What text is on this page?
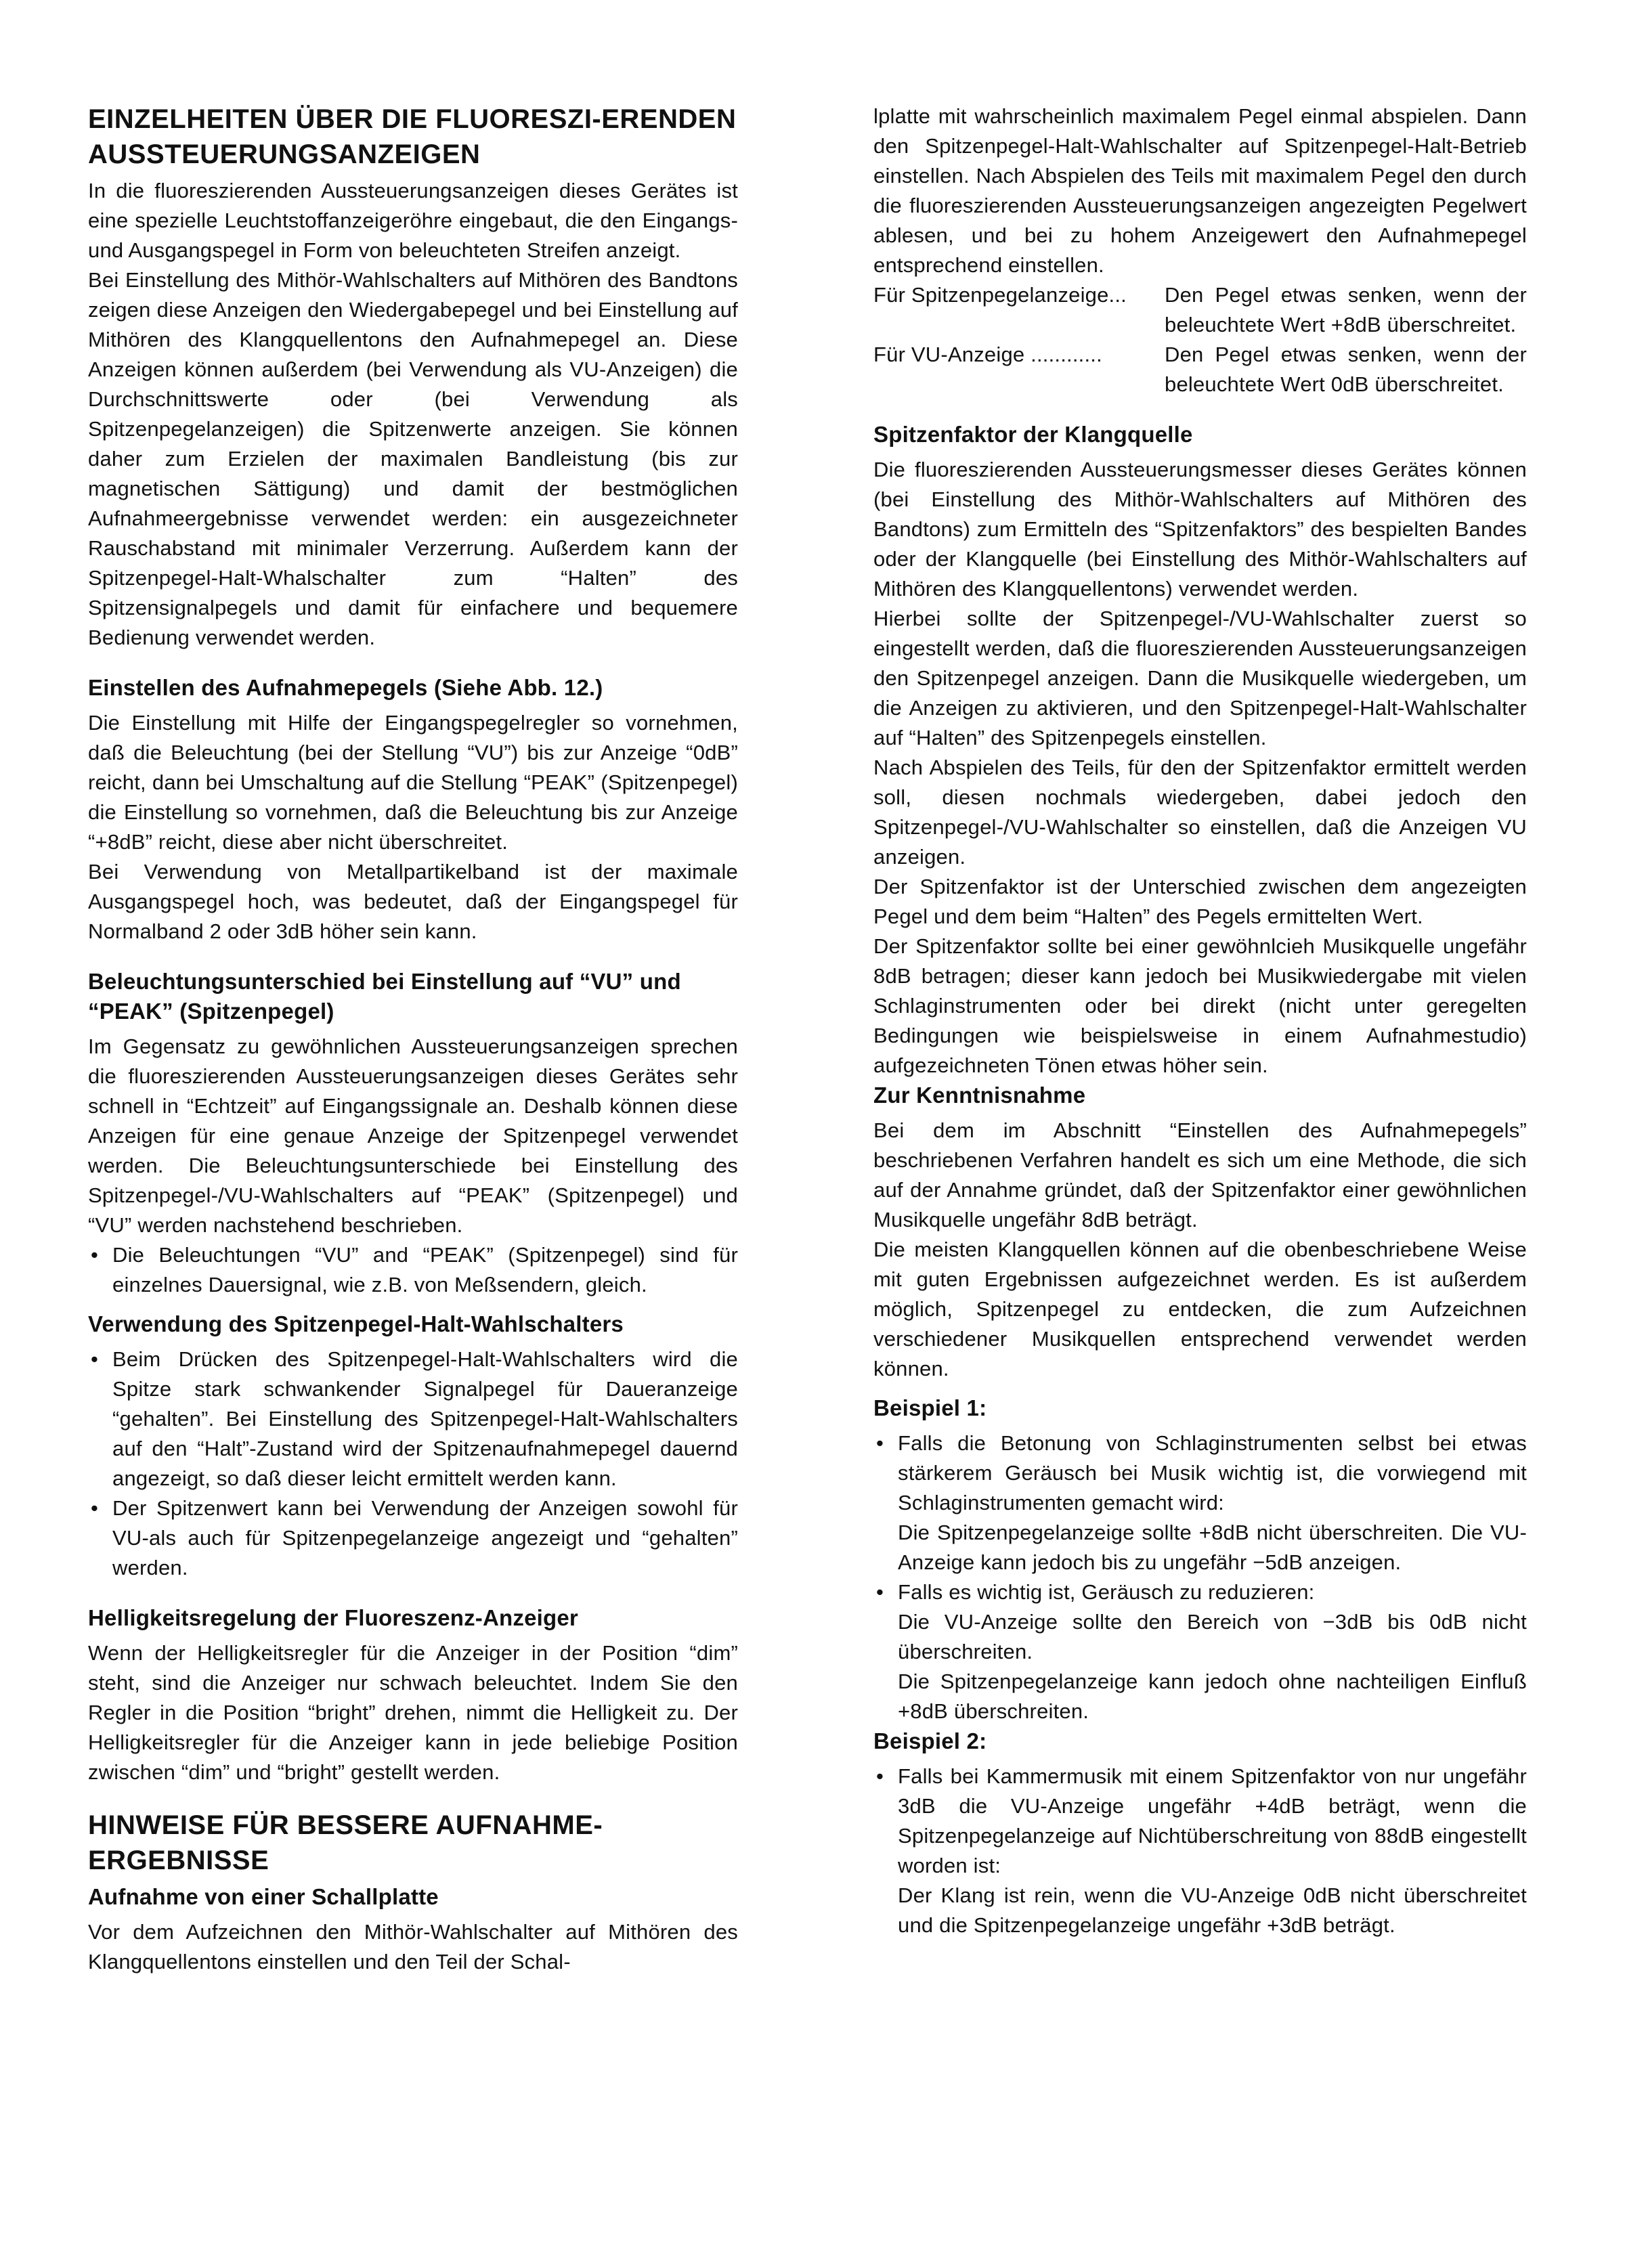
EINZELHEITEN ÜBER DIE FLUORESZI-ERENDEN AUSSTEUERUNGSANZEIGEN

In die fluoreszierenden Aussteuerungsanzeigen dieses Gerätes ist eine spezielle Leuchtstoffanzeigeröhre eingebaut, die den Eingangs- und Ausgangspegel in Form von beleuchteten Streifen anzeigt.

Bei Einstellung des Mithör-Wahlschalters auf Mithören des Bandtons zeigen diese Anzeigen den Wiedergabepegel und bei Einstellung auf Mithören des Klangquellentons den Aufnahmepegel an. Diese Anzeigen können außerdem (bei Verwendung als VU-Anzeigen) die Durchschnittswerte oder (bei Verwendung als Spitzenpegelanzeigen) die Spitzenwerte anzeigen. Sie können daher zum Erzielen der maximalen Bandleistung (bis zur magnetischen Sättigung) und damit der bestmöglichen Aufnahmeergebnisse verwendet werden: ein ausgezeichneter Rauschabstand mit minimaler Verzerrung. Außerdem kann der Spitzenpegel-Halt-Whalschalter zum “Halten” des Spitzensignalpegels und damit für einfachere und bequemere Bedienung verwendet werden.

Einstellen des Aufnahmepegels (Siehe Abb. 12.)

Die Einstellung mit Hilfe der Eingangspegelregler so vornehmen, daß die Beleuchtung (bei der Stellung “VU”) bis zur Anzeige “0dB” reicht, dann bei Umschaltung auf die Stellung “PEAK” (Spitzenpegel) die Einstellung so vornehmen, daß die Beleuchtung bis zur Anzeige “+8dB” reicht, diese aber nicht überschreitet.

Bei Verwendung von Metallpartikelband ist der maximale Ausgangspegel hoch, was bedeutet, daß der Eingangspegel für Normalband 2 oder 3dB höher sein kann.

Beleuchtungsunterschied bei Einstellung auf “VU” und “PEAK” (Spitzenpegel)

Im Gegensatz zu gewöhnlichen Aussteuerungsanzeigen sprechen die fluoreszierenden Aussteuerungsanzeigen dieses Gerätes sehr schnell in “Echtzeit” auf Eingangssignale an. Deshalb können diese Anzeigen für eine genaue Anzeige der Spitzenpegel verwendet werden. Die Beleuchtungsunterschiede bei Einstellung des Spitzenpegel-/VU-Wahlschalters auf “PEAK” (Spitzenpegel) und “VU” werden nachstehend beschrieben.

• Die Beleuchtungen “VU” and “PEAK” (Spitzenpegel) sind für einzelnes Dauersignal, wie z.B. von Meßsendern, gleich.
Verwendung des Spitzenpegel-Halt-Wahlschalters
• Beim Drücken des Spitzenpegel-Halt-Wahlschalters wird die Spitze stark schwankender Signalpegel für Daueranzeige “gehalten”. Bei Einstellung des Spitzenpegel-Halt-Wahlschalters auf den “Halt”-Zustand wird der Spitzenaufnahmepegel dauernd angezeigt, so daß dieser leicht ermittelt werden kann.
• Der Spitzenwert kann bei Verwendung der Anzeigen sowohl für VU-als auch für Spitzenpegelanzeige angezeigt und “gehalten” werden.
Helligkeitsregelung der Fluoreszenz-Anzeiger

Wenn der Helligkeitsregler für die Anzeiger in der Position “dim” steht, sind die Anzeiger nur schwach beleuchtet. Indem Sie den Regler in die Position “bright” drehen, nimmt die Helligkeit zu. Der Helligkeitsregler für die Anzeiger kann in jede beliebige Position zwischen “dim” und “bright” gestellt werden.

HINWEISE FÜR BESSERE AUFNAHME-ERGEBNISSE
Aufnahme von einer Schallplatte

Vor dem Aufzeichnen den Mithör-Wahlschalter auf Mithören des Klangquellentons einstellen und den Teil der Schal-

lplatte mit wahrscheinlich maximalem Pegel einmal abspielen. Dann den Spitzenpegel-Halt-Wahlschalter auf Spitzenpegel-Halt-Betrieb einstellen. Nach Abspielen des Teils mit maximalem Pegel den durch die fluoreszierenden Aussteuerungsanzeigen angezeigten Pegelwert ablesen, und bei zu hohem Anzeigewert den Aufnahmepegel entsprechend einstellen.

Für Spitzenpegelanzeige...	Den Pegel etwas senken, wenn der beleuchtete Wert +8dB überschreitet.
Für VU-Anzeige ............	Den Pegel etwas senken, wenn der beleuchtete Wert 0dB überschreitet.
Spitzenfaktor der Klangquelle

Die fluoreszierenden Aussteuerungsmesser dieses Gerätes können (bei Einstellung des Mithör-Wahlschalters auf Mithören des Bandtons) zum Ermitteln des “Spitzenfaktors” des bespielten Bandes oder der Klangquelle (bei Einstellung des Mithör-Wahlschalters auf Mithören des Klangquellentons) verwendet werden.

Hierbei sollte der Spitzenpegel-/VU-Wahlschalter zuerst so eingestellt werden, daß die fluoreszierenden Aussteuerungsanzeigen den Spitzenpegel anzeigen. Dann die Musikquelle wiedergeben, um die Anzeigen zu aktivieren, und den Spitzenpegel-Halt-Wahlschalter auf “Halten” des Spitzenpegels einstellen.

Nach Abspielen des Teils, für den der Spitzenfaktor ermittelt werden soll, diesen nochmals wiedergeben, dabei jedoch den Spitzenpegel-/VU-Wahlschalter so einstellen, daß die Anzeigen VU anzeigen.

Der Spitzenfaktor ist der Unterschied zwischen dem angezeigten Pegel und dem beim “Halten” des Pegels ermittelten Wert.

Der Spitzenfaktor sollte bei einer gewöhnlcieh Musikquelle ungefähr 8dB betragen; dieser kann jedoch bei Musikwiedergabe mit vielen Schlaginstrumenten oder bei direkt (nicht unter geregelten Bedingungen wie beispielsweise in einem Aufnahmestudio) aufgezeichneten Tönen etwas höher sein.

Zur Kenntnisnahme

Bei dem im Abschnitt “Einstellen des Aufnahmepegels” beschriebenen Verfahren handelt es sich um eine Methode, die sich auf der Annahme gründet, daß der Spitzenfaktor einer gewöhnlichen Musikquelle ungefähr 8dB beträgt.

Die meisten Klangquellen können auf die obenbeschriebene Weise mit guten Ergebnissen aufgezeichnet werden. Es ist außerdem möglich, Spitzenpegel zu entdecken, die zum Aufzeichnen verschiedener Musikquellen entsprechend verwendet werden können.

Beispiel 1:
• Falls die Betonung von Schlaginstrumenten selbst bei etwas stärkerem Geräusch bei Musik wichtig ist, die vorwiegend mit Schlaginstrumenten gemacht wird:
Die Spitzenpegelanzeige sollte +8dB nicht überschreiten. Die VU-Anzeige kann jedoch bis zu ungefähr −5dB anzeigen.
• Falls es wichtig ist, Geräusch zu reduzieren:
Die VU-Anzeige sollte den Bereich von −3dB bis 0dB nicht überschreiten.
Die Spitzenpegelanzeige kann jedoch ohne nachteiligen Einfluß +8dB überschreiten.
Beispiel 2:
• Falls bei Kammermusik mit einem Spitzenfaktor von nur ungefähr 3dB die VU-Anzeige ungefähr +4dB beträgt, wenn die Spitzenpegelanzeige auf Nichtüberschreitung von 88dB eingestellt worden ist:
Der Klang ist rein, wenn die VU-Anzeige 0dB nicht überschreitet und die Spitzenpegelanzeige ungefähr +3dB beträgt.
